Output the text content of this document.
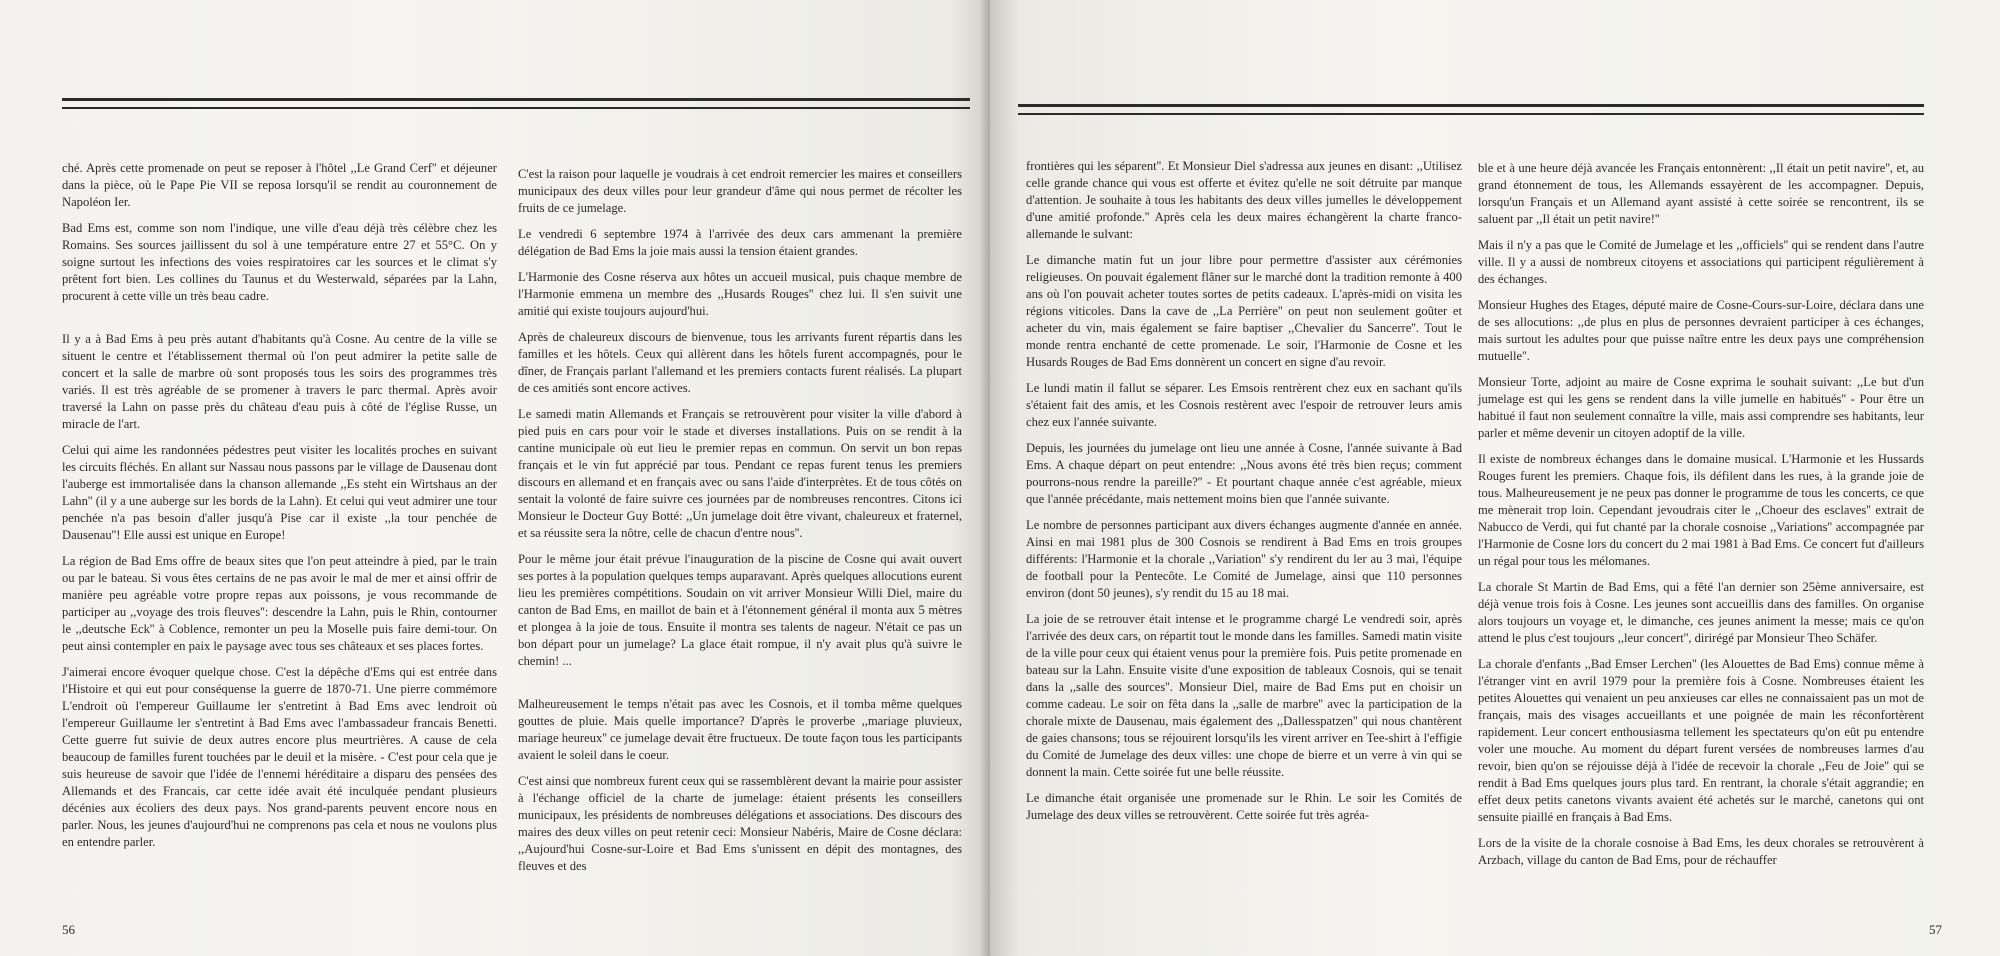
ché. Après cette promenade on peut se reposer à l'hôtel ,,Le Grand Cerf'' et déjeuner dans la pièce, où le Pape Pie VII se reposa lorsqu'il se rendit au couronnement de Napoléon Ier.

Bad Ems est, comme son nom l'indique, une ville d'eau déjà très célèbre chez les Romains. Ses sources jaillissent du sol à une température entre 27 et 55°C. On y soigne surtout les infections des voies respiratoires car les sources et le climat s'y prêtent fort bien. Les collines du Taunus et du Westerwald, séparées par la Lahn, procurent à cette ville un très beau cadre.

Il y a à Bad Ems à peu près autant d'habitants qu'à Cosne. Au centre de la ville se situent le centre et l'établissement thermal où l'on peut admirer la petite salle de concert et la salle de marbre où sont proposés tous les soirs des programmes très variés. Il est très agréable de se promener à travers le parc thermal. Après avoir traversé la Lahn on passe près du château d'eau puis à côté de l'église Russe, un miracle de l'art.

Celui qui aime les randonnées pédestres peut visiter les localités proches en suivant les circuits fléchés. En allant sur Nassau nous passons par le village de Dausenau dont l'auberge est immortalisée dans la chanson allemande ,,Es steht ein Wirtshaus an der Lahn'' (il y a une auberge sur les bords de la Lahn). Et celui qui veut admirer une tour penchée n'a pas besoin d'aller jusqu'à Pise car il existe ,,la tour penchée de Dausenau''! Elle aussi est unique en Europe!

La région de Bad Ems offre de beaux sites que l'on peut atteindre à pied, par le train ou par le bateau. Si vous êtes certains de ne pas avoir le mal de mer et ainsi offrir de manière peu agréable votre propre repas aux poissons, je vous recommande de participer au ,,voyage des trois fleuves'': descendre la Lahn, puis le Rhin, contourner le ,,deutsche Eck'' à Coblence, remonter un peu la Moselle puis faire demi-tour. On peut ainsi contempler en paix le paysage avec tous ses châteaux et ses places fortes.

J'aimerai encore évoquer quelque chose. C'est la dépêche d'Ems qui est entrée dans l'Histoire et qui eut pour conséquense la guerre de 1870-71. Une pierre commémore L'endroit où l'empereur Guillaume ler s'entretint à Bad Ems avec lendroit où l'empereur Guillaume ler s'entretint à Bad Ems avec l'ambassadeur francais Benetti. Cette guerre fut suivie de deux autres encore plus meurtrières. A cause de cela beaucoup de familles furent touchées par le deuil et la misère. - C'est pour cela que je suis heureuse de savoir que l'idée de l'ennemi héréditaire a disparu des pensées des Allemands et des Francais, car cette idée avait été inculquée pendant plusieurs décénies aux écoliers des deux pays. Nos grand-parents peuvent encore nous en parler. Nous, les jeunes d'aujourd'hui ne comprenons pas cela et nous ne voulons plus en entendre parler.

C'est la raison pour laquelle je voudrais à cet endroit remercier les maires et conseillers municipaux des deux villes pour leur grandeur d'âme qui nous permet de récolter les fruits de ce jumelage.

Le vendredi 6 septembre 1974 à l'arrivée des deux cars ammenant la première délégation de Bad Ems la joie mais aussi la tension étaient grandes.

L'Harmonie des Cosne réserva aux hôtes un accueil musical, puis chaque membre de l'Harmonie emmena un membre des ,,Husards Rouges'' chez lui. Il s'en suivit une amitié qui existe toujours aujourd'hui.

Après de chaleureux discours de bienvenue, tous les arrivants furent répartis dans les familles et les hôtels. Ceux qui allèrent dans les hôtels furent accompagnés, pour le dîner, de Français parlant l'allemand et les premiers contacts furent réalisés. La plupart de ces amitiés sont encore actives.

Le samedi matin Allemands et Français se retrouvèrent pour visiter la ville d'abord à pied puis en cars pour voir le stade et diverses installations. Puis on se rendit à la cantine municipale où eut lieu le premier repas en commun. On servit un bon repas français et le vin fut apprécié par tous. Pendant ce repas furent tenus les premiers discours en allemand et en français avec ou sans l'aide d'interprètes. Et de tous côtés on sentait la volonté de faire suivre ces journées par de nombreuses rencontres. Citons ici Monsieur le Docteur Guy Botté: ,,Un jumelage doit être vivant, chaleureux et fraternel, et sa réussite sera la nôtre, celle de chacun d'entre nous''.

Pour le même jour était prévue l'inauguration de la piscine de Cosne qui avait ouvert ses portes à la population quelques temps auparavant. Après quelques allocutions eurent lieu les premières compétitions. Soudain on vit arriver Monsieur Willi Diel, maire du canton de Bad Ems, en maillot de bain et à l'étonnement général il monta aux 5 mètres et plongea à la joie de tous. Ensuite il montra ses talents de nageur. N'était ce pas un bon départ pour un jumelage? La glace était rompue, il n'y avait plus qu'à suivre le chemin! ...

Malheureusement le temps n'était pas avec les Cosnois, et il tomba même quelques gouttes de pluie. Mais quelle importance? D'après le proverbe ,,mariage pluvieux, mariage heureux'' ce jumelage devait être fructueux. De toute façon tous les participants avaient le soleil dans le coeur.

C'est ainsi que nombreux furent ceux qui se rassemblèrent devant la mairie pour assister à l'échange officiel de la charte de jumelage: étaient présents les conseillers municipaux, les présidents de nombreuses délégations et associations. Des discours des maires des deux villes on peut retenir ceci: Monsieur Nabéris, Maire de Cosne déclara: ,,Aujourd'hui Cosne-sur-Loire et Bad Ems s'unissent en dépit des montagnes, des fleuves et des

56

frontières qui les séparent''. Et Monsieur Diel s'adressa aux jeunes en disant: ,,Utilisez celle grande chance qui vous est offerte et évitez qu'elle ne soit détruite par manque d'attention. Je souhaite à tous les habitants des deux villes jumelles le développement d'une amitié profonde.'' Après cela les deux maires échangèrent la charte franco-allemande le sulvant:

Le dimanche matin fut un jour libre pour permettre d'assister aux cérémonies religieuses. On pouvait également flâner sur le marché dont la tradition remonte à 400 ans où l'on pouvait acheter toutes sortes de petits cadeaux. L'après-midi on visita les régions viticoles. Dans la cave de ,,La Perrière'' on peut non seulement goûter et acheter du vin, mais également se faire baptiser ,,Chevalier du Sancerre''. Tout le monde rentra enchanté de cette promenade. Le soir, l'Harmonie de Cosne et les Husards Rouges de Bad Ems donnèrent un concert en signe d'au revoir.

Le lundi matin il fallut se séparer. Les Emsois rentrèrent chez eux en sachant qu'ils s'étaient fait des amis, et les Cosnois restèrent avec l'espoir de retrouver leurs amis chez eux l'année suivante.

Depuis, les journées du jumelage ont lieu une année à Cosne, l'année suivante à Bad Ems. A chaque départ on peut entendre: ,,Nous avons été très bien reçus; comment pourrons-nous rendre la pareille?'' - Et pourtant chaque année c'est agréable, mieux que l'année précédante, mais nettement moins bien que l'année suivante.

Le nombre de personnes participant aux divers échanges augmente d'année en année. Ainsi en mai 1981 plus de 300 Cosnois se rendirent à Bad Ems en trois groupes différents: l'Harmonie et la chorale ,,Variation'' s'y rendirent du ler au 3 mai, l'équipe de football pour la Pentecôte. Le Comité de Jumelage, ainsi que 110 personnes environ (dont 50 jeunes), s'y rendit du 15 au 18 mai.

La joie de se retrouver était intense et le programme chargé Le vendredi soir, après l'arrivée des deux cars, on répartit tout le monde dans les familles. Samedi matin visite de la ville pour ceux qui étaient venus pour la première fois. Puis petite promenade en bateau sur la Lahn. Ensuite visite d'une exposition de tableaux Cosnois, qui se tenait dans la ,,salle des sources''. Monsieur Diel, maire de Bad Ems put en choisir un comme cadeau. Le soir on fêta dans la ,,salle de marbre'' avec la participation de la chorale mixte de Dausenau, mais également des ,,Dallesspatzen'' qui nous chantèrent de gaies chansons; tous se réjouirent lorsqu'ils les virent arriver en Tee-shirt à l'effigie du Comité de Jumelage des deux villes: une chope de bierre et un verre à vin qui se donnent la main. Cette soirée fut une belle réussite.

Le dimanche était organisée une promenade sur le Rhin. Le soir les Comités de Jumelage des deux villes se retrouvèrent. Cette soirée fut très agréa-

ble et à une heure déjà avancée les Français entonnèrent: ,,Il était un petit navire'', et, au grand étonnement de tous, les Allemands essayèrent de les accompagner. Depuis, lorsqu'un Français et un Allemand ayant assisté à cette soirée se rencontrent, ils se saluent par ,,Il était un petit navire!''

Mais il n'y a pas que le Comité de Jumelage et les ,,officiels'' qui se rendent dans l'autre ville. Il y a aussi de nombreux citoyens et associations qui participent régulièrement à des échanges.

Monsieur Hughes des Etages, député maire de Cosne-Cours-sur-Loire, déclara dans une de ses allocutions: ,,de plus en plus de personnes devraient participer à ces échanges, mais surtout les adultes pour que puisse naître entre les deux pays une compréhension mutuelle''.

Monsieur Torte, adjoint au maire de Cosne exprima le souhait suivant: ,,Le but d'un jumelage est qui les gens se rendent dans la ville jumelle en habitués'' - Pour être un habitué il faut non seulement connaître la ville, mais assi comprendre ses habitants, leur parler et même devenir un citoyen adoptif de la ville.

Il existe de nombreux échanges dans le domaine musical. L'Harmonie et les Hussards Rouges furent les premiers. Chaque fois, ils défilent dans les rues, à la grande joie de tous. Malheureusement je ne peux pas donner le programme de tous les concerts, ce que me mènerait trop loin. Cependant jevoudrais citer le ,,Choeur des esclaves'' extrait de Nabucco de Verdi, qui fut chanté par la chorale cosnoise ,,Variations'' accompagnée par l'Harmonie de Cosne lors du concert du 2 mai 1981 à Bad Ems. Ce concert fut d'ailleurs un régal pour tous les mélomanes.

La chorale St Martin de Bad Ems, qui a fêté l'an dernier son 25ème anniversaire, est déjà venue trois fois à Cosne. Les jeunes sont accueillis dans des familles. On organise alors toujours un voyage et, le dimanche, ces jeunes animent la messe; mais ce qu'on attend le plus c'est toujours ,,leur concert'', dirirégé par Monsieur Theo Schäfer.

La chorale d'enfants ,,Bad Emser Lerchen'' (les Alouettes de Bad Ems) connue même à l'étranger vint en avril 1979 pour la première fois à Cosne. Nombreuses étaient les petites Alouettes qui venaient un peu anxieuses car elles ne connaissaient pas un mot de français, mais des visages accueillants et une poignée de main les réconfortèrent rapidement. Leur concert enthousiasma tellement les spectateurs qu'on eût pu entendre voler une mouche. Au moment du départ furent versées de nombreuses larmes d'au revoir, bien qu'on se réjouisse déjà à l'idée de recevoir la chorale ,,Feu de Joie'' qui se rendit à Bad Ems quelques jours plus tard. En rentrant, la chorale s'était aggrandie; en effet deux petits canetons vivants avaient été achetés sur le marché, canetons qui ont sensuite piaillé en français à Bad Ems.

Lors de la visite de la chorale cosnoise à Bad Ems, les deux chorales se retrouvèrent à Arzbach, village du canton de Bad Ems, pour de réchauffer

57
